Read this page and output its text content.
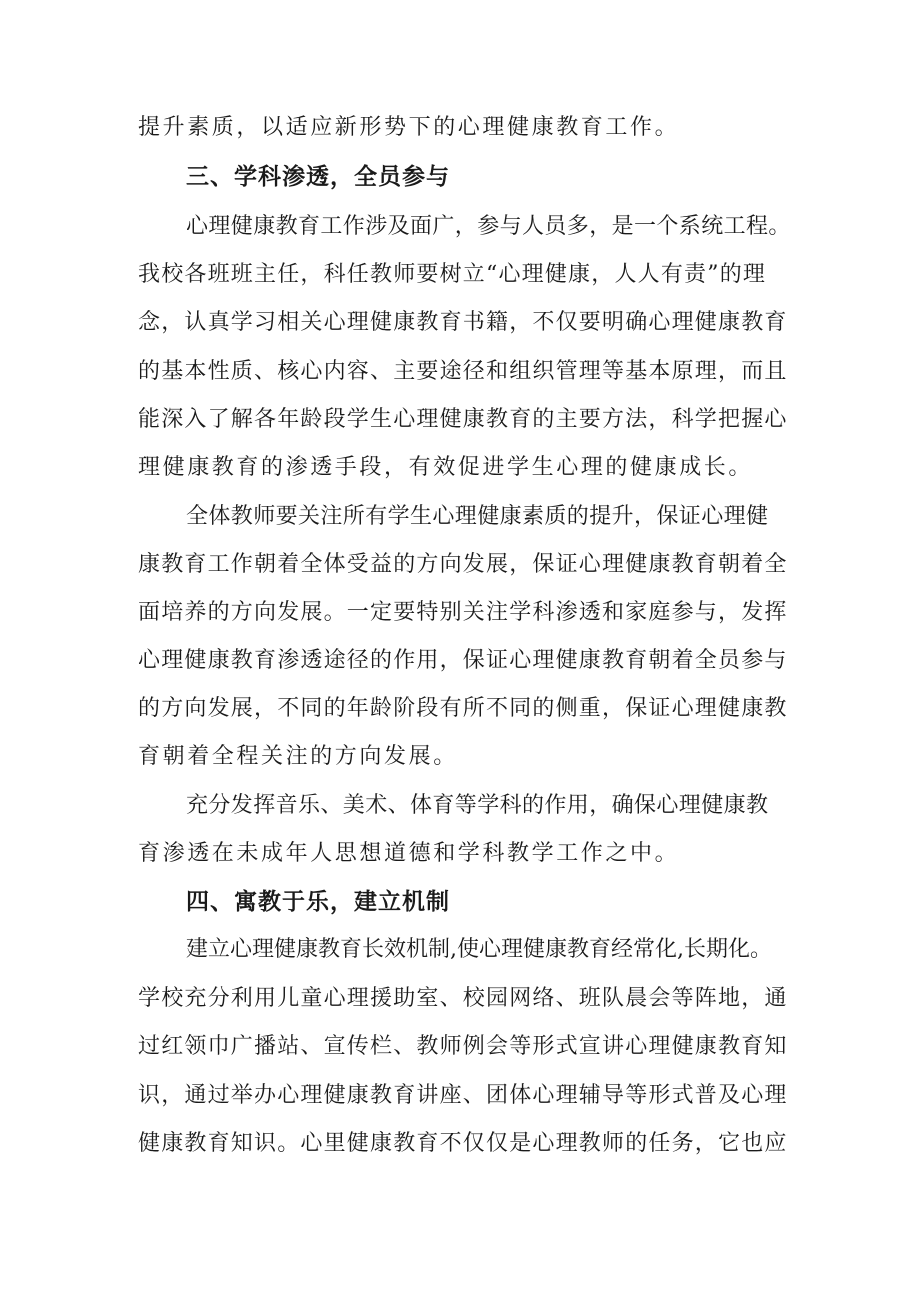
提升素质，以适应新形势下的心理健康教育工作。
三、学科渗透，全员参与
心理健康教育工作涉及面广，参与人员多，是一个系统工程。
我校各班班主任，科任教师要树立“心理健康，人人有责”的理
念，认真学习相关心理健康教育书籍，不仅要明确心理健康教育
的基本性质、核心内容、主要途径和组织管理等基本原理，而且
能深入了解各年龄段学生心理健康教育的主要方法，科学把握心
理健康教育的渗透手段，有效促进学生心理的健康成长。
全体教师要关注所有学生心理健康素质的提升，保证心理健
康教育工作朝着全体受益的方向发展，保证心理健康教育朝着全
面培养的方向发展。一定要特别关注学科渗透和家庭参与，发挥
心理健康教育渗透途径的作用，保证心理健康教育朝着全员参与
的方向发展，不同的年龄阶段有所不同的侧重，保证心理健康教
育朝着全程关注的方向发展。
充分发挥音乐、美术、体育等学科的作用，确保心理健康教
育渗透在未成年人思想道德和学科教学工作之中。
四、寓教于乐，建立机制
建立心理健康教育长效机制,使心理健康教育经常化,长期化。
学校充分利用儿童心理援助室、校园网络、班队晨会等阵地，通
过红领巾广播站、宣传栏、教师例会等形式宣讲心理健康教育知
识，通过举办心理健康教育讲座、团体心理辅导等形式普及心理
健康教育知识。心里健康教育不仅仅是心理教师的任务，它也应
